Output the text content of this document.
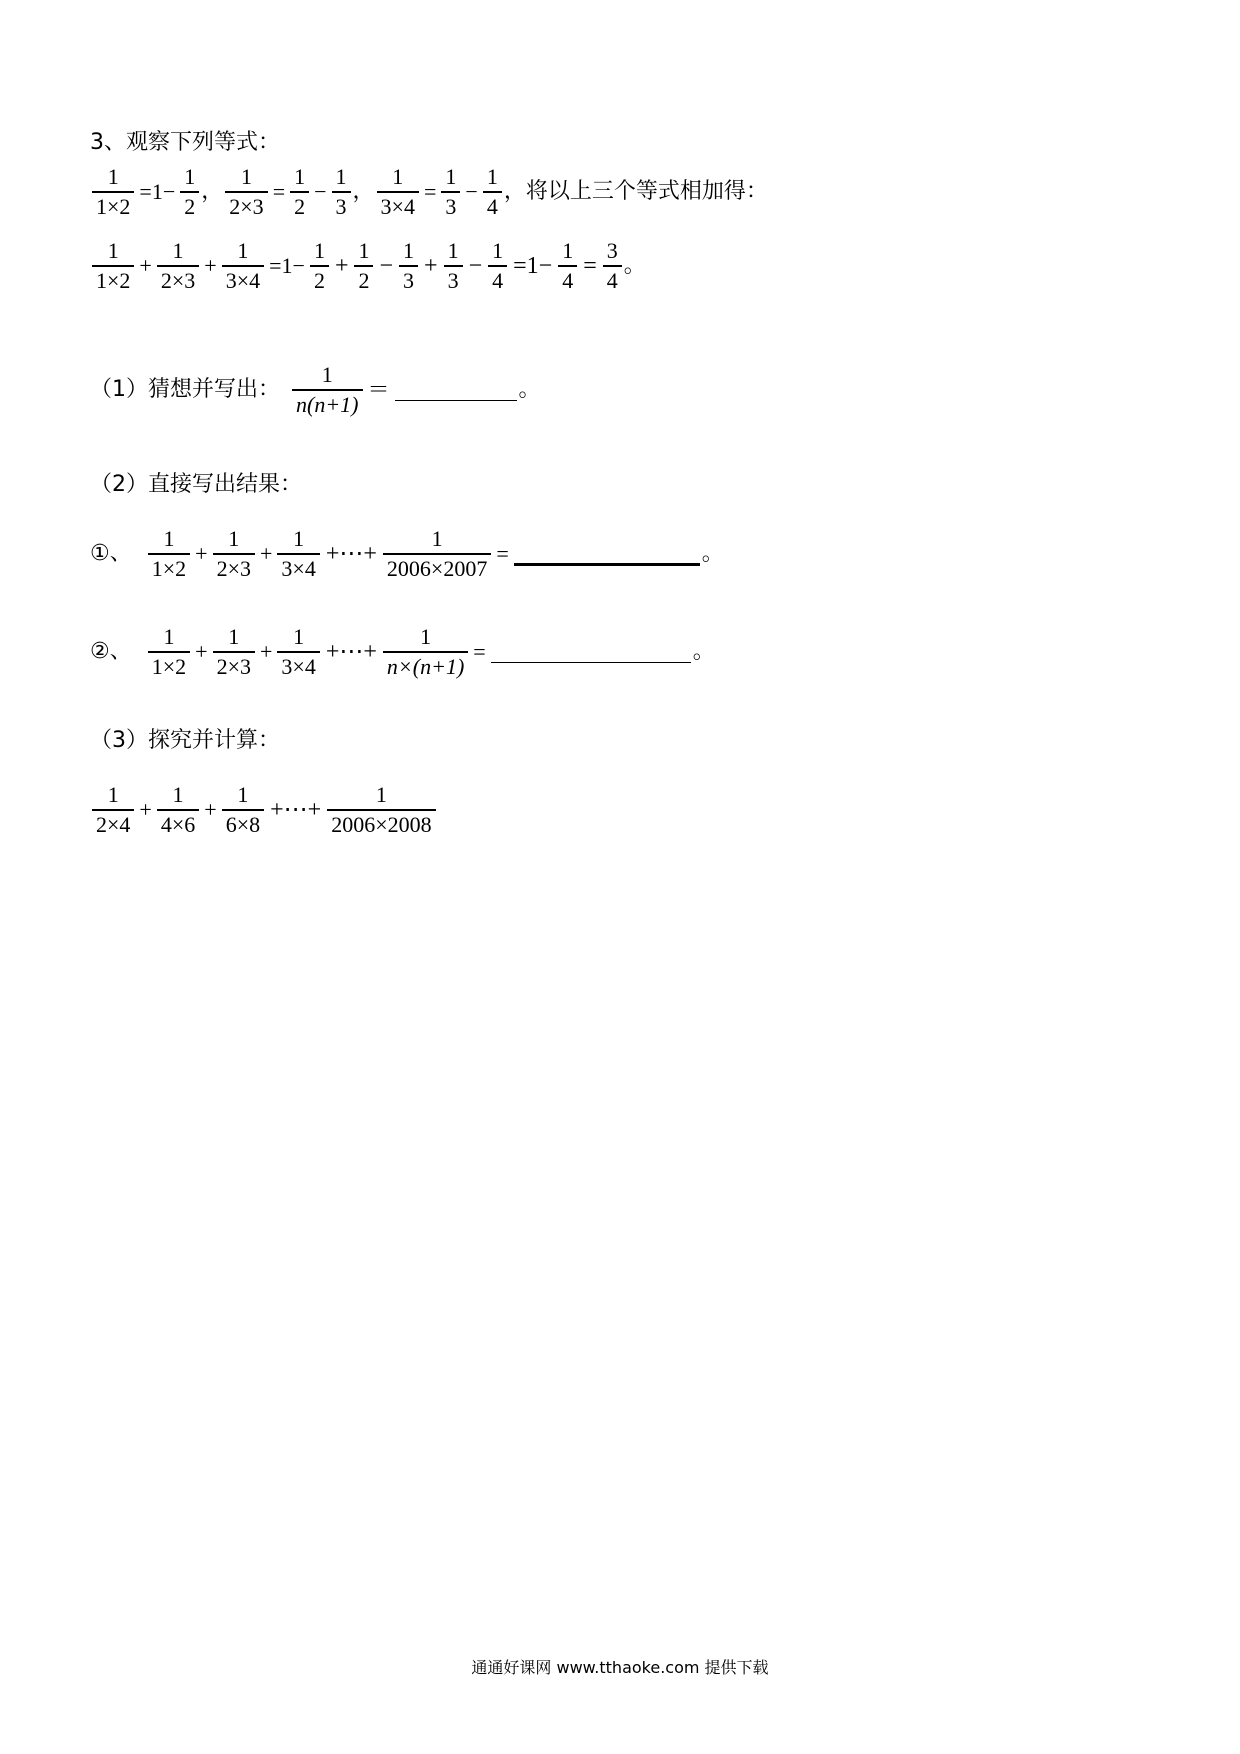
3、观察下列等式：
$\frac{1}{1\times 2} =1- \frac{1}{2}$ ， $\frac{1}{2\times 3} = \frac{1}{2} - \frac{1}{3}$ ， $\frac{1}{3\times 4} = \frac{1}{3} - \frac{1}{4}$ ，将以上三个等式相加得：
$\frac{1}{1\times 2} + \frac{1}{2\times 3} + \frac{1}{3\times 4} =1- \frac{1}{2} + \frac{1}{2} - \frac{1}{3} + \frac{1}{3} - \frac{1}{4} =1- \frac{1}{4} = \frac{3}{4}$ 。
（1）猜想并写出： $\frac{1}{n(n+1)}$ ＝	。
（2）直接写出结果：
①、 $\frac{1}{1\times 2} + \frac{1}{2\times 3} + \frac{1}{3\times 4}$ +⋯+ $\frac{1}{2006\times 2007}$ =	。
②、 $\frac{1}{1\times 2} + \frac{1}{2\times 3} + \frac{1}{3\times 4}$ +⋯+ $\frac{1}{n\times(n+1)}$ =	。
（3）探究并计算：
$\frac{1}{2\times 4} + \frac{1}{4\times 6} + \frac{1}{6\times 8}$ +⋯+ $\frac{1}{2006\times 2008}$
通通好课网 www.tthaoke.com 提供下载
